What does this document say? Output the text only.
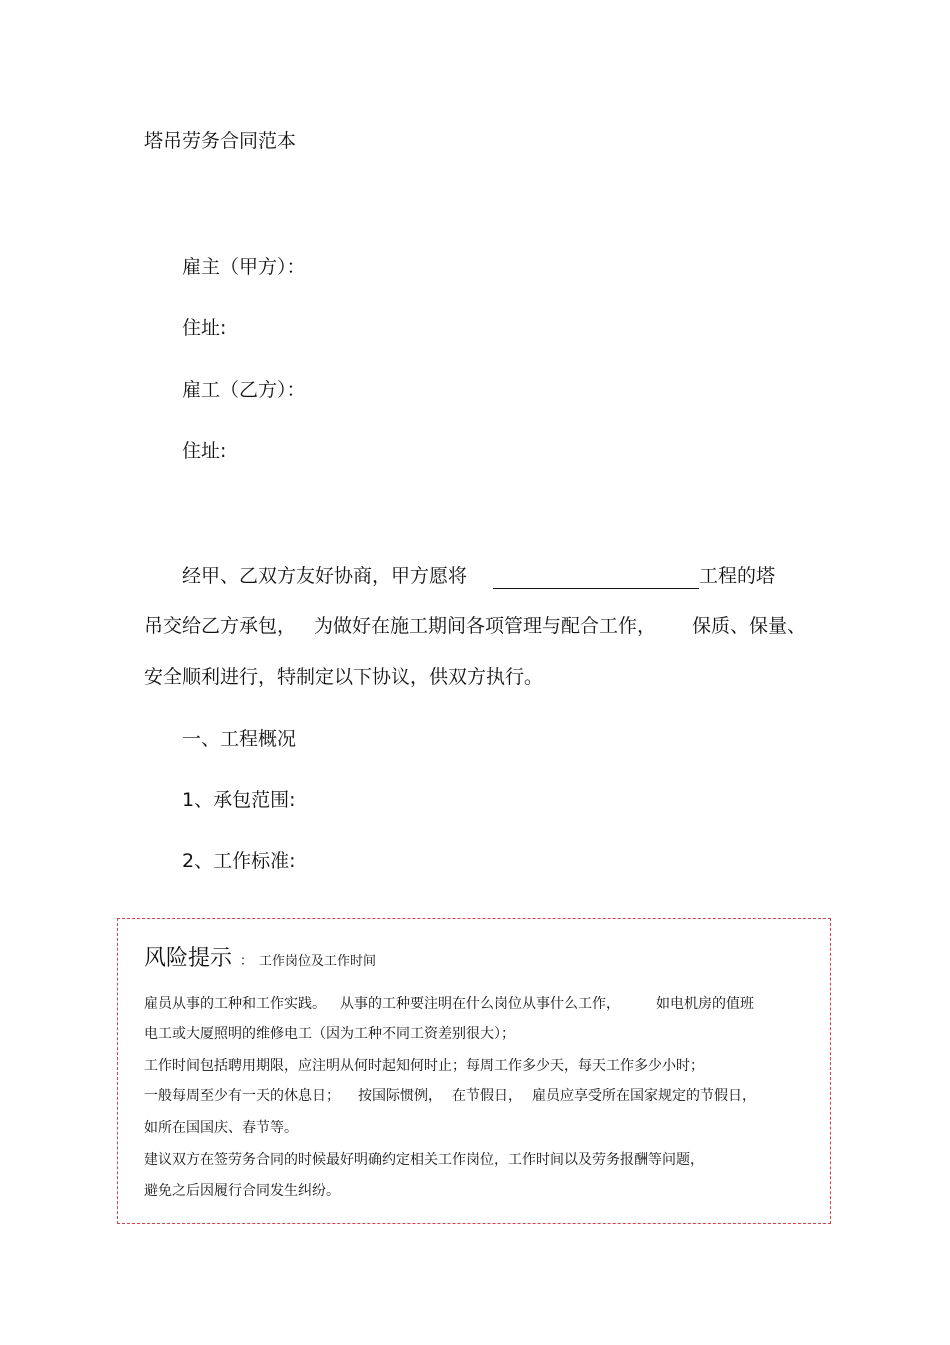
塔吊劳务合同范本
雇主（甲方）：
住址:
雇工（乙方）：
住址:
经甲、乙双方友好协商，甲方愿将	工程的塔
吊交给乙方承包， 为做好在施工期间各项管理与配合工作， 保质、保量、
安全顺利进行，特制定以下协议，供双方执行。
一、工程概况
1、承包范围:
2、工作标准:
风险提示 ： 工作岗位及工作时间
雇员从事的工种和工作实践。 从事的工种要注明在什么岗位从事什么工作，	如电机房的值班
电工或大厦照明的维修电工（因为工种不同工资差别很大）；
工作时间包括聘用期限，应注明从何时起知何时止；每周工作多少天，每天工作多少小时；
一般每周至少有一天的休息日； 按国际惯例， 在节假日， 雇员应享受所在国家规定的节假日，
如所在国国庆、春节等。
建议双方在签劳务合同的时候最好明确约定相关工作岗位，工作时间以及劳务报酬等问题，
避免之后因履行合同发生纠纷。
